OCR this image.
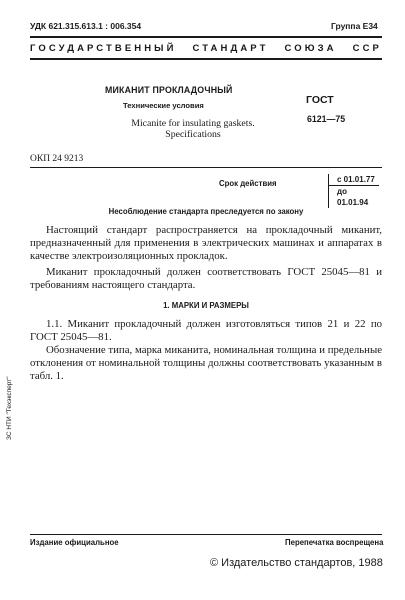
УДК 621.315.613.1 : 006.354	Группа Е34
ГОСУДАРСТВЕННЫЙ СТАНДАРТ СОЮЗА ССР
МИКАНИТ ПРОКЛАДОЧНЫЙ
Технические условия
Micanite for insulating gaskets.
Specifications
ГОСТ
6121—75
ОКП 24 9213
Срок действия	с 01.01.77
до 01.01.94
Несоблюдение стандарта преследуется по закону
Настоящий стандарт распространяется на прокладочный миканит, предназначенный для применения в электрических машинах и аппаратах в качестве электроизоляционных прокладок.
Миканит прокладочный должен соответствовать ГОСТ 25045—81 и требованиям настоящего стандарта.
1. МАРКИ И РАЗМЕРЫ
1.1. Миканит прокладочный должен изготовляться типов 21 и 22 по ГОСТ 25045—81.
Обозначение типа, марка миканита, номинальная толщина и предельные отклонения от номинальной толщины должны соответствовать указанным в табл. 1.
ЗС НТИ "Техэксперт"
Издание официальное	Перепечатка воспрещена
© Издательство стандартов, 1988
